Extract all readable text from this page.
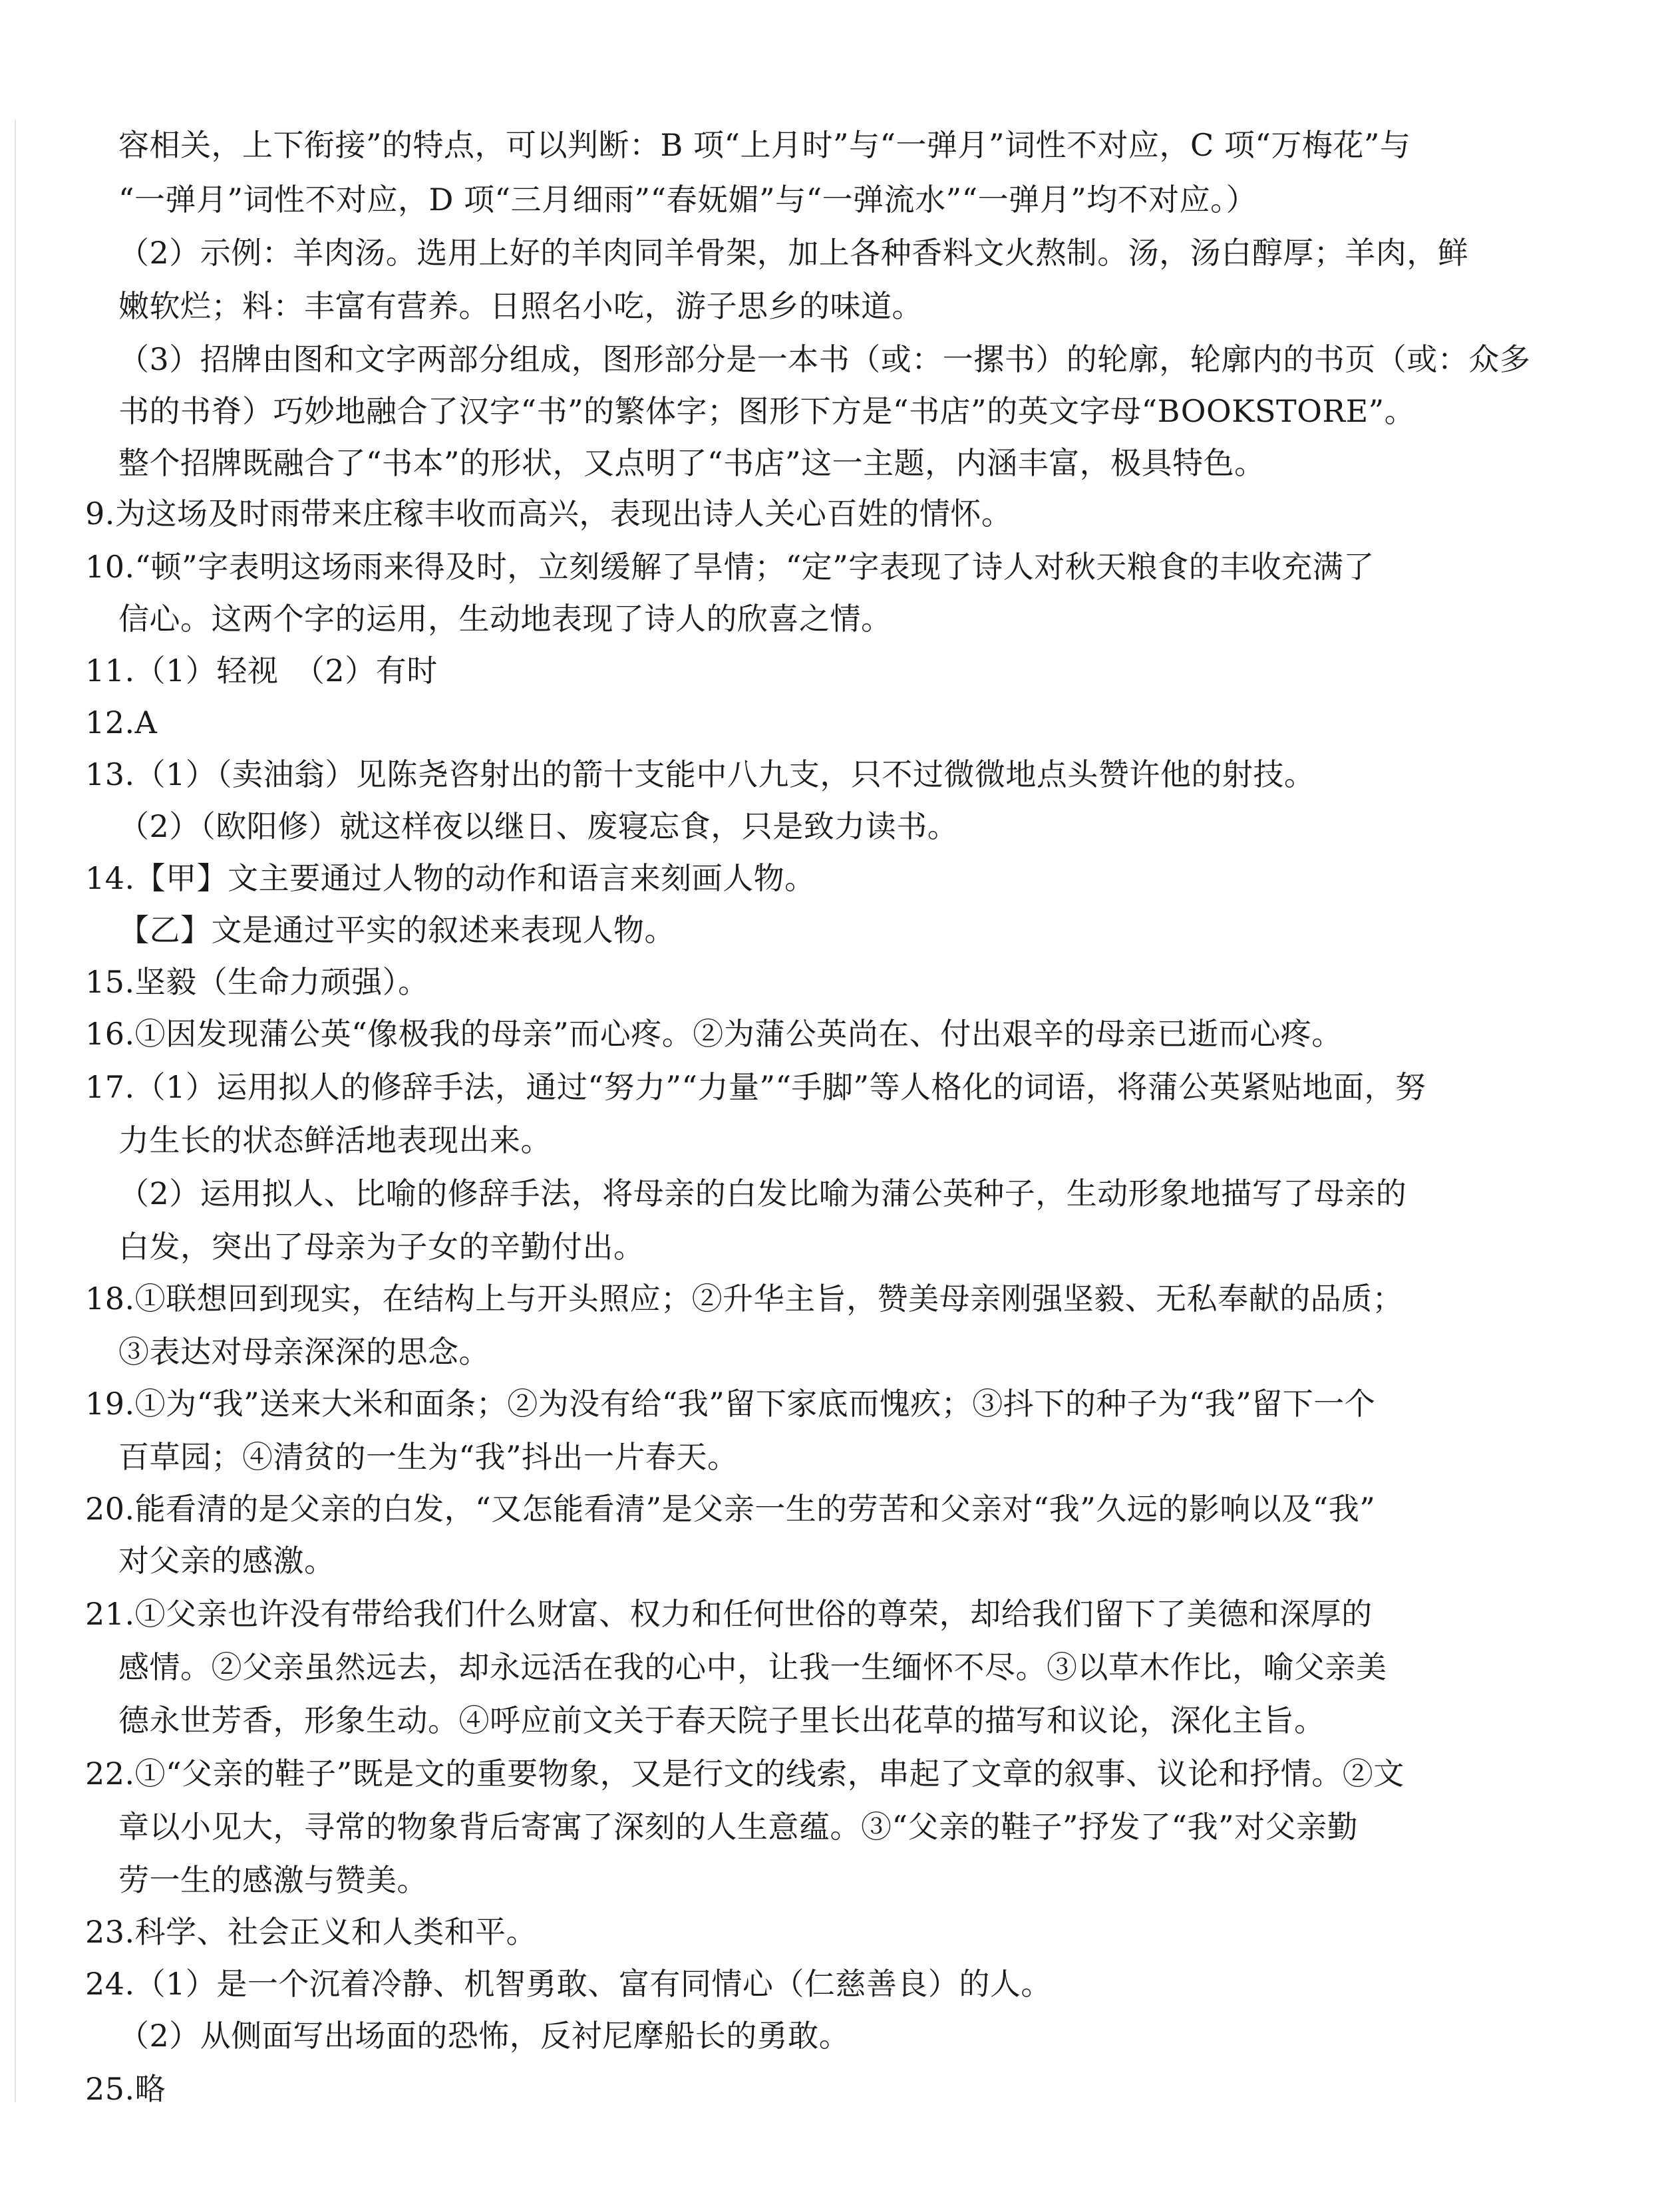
容相关，上下衔接”的特点，可以判断：B 项“上月时”与“一弹月”词性不对应，C 项“万梅花”与
“一弹月”词性不对应，D 项“三月细雨”“春妩媚”与“一弹流水”“一弹月”均不对应。）
（2）示例：羊肉汤。选用上好的羊肉同羊骨架，加上各种香料文火熬制。汤，汤白醇厚；羊肉，鲜
嫩软烂；料：丰富有营养。日照名小吃，游子思乡的味道。
（3）招牌由图和文字两部分组成，图形部分是一本书（或：一摞书）的轮廓，轮廓内的书页（或：众多
书的书脊）巧妙地融合了汉字“书”的繁体字；图形下方是“书店”的英文字母“BOOKSTORE”。
整个招牌既融合了“书本”的形状，又点明了“书店”这一主题，内涵丰富，极具特色。
9.为这场及时雨带来庄稼丰收而高兴，表现出诗人关心百姓的情怀。
10.“顿”字表明这场雨来得及时，立刻缓解了旱情；“定”字表现了诗人对秋天粮食的丰收充满了
信心。这两个字的运用，生动地表现了诗人的欣喜之情。
11.（1）轻视　（2）有时
12.A
13.（1）（卖油翁）见陈尧咨射出的箭十支能中八九支，只不过微微地点头赞许他的射技。
（2）（欧阳修）就这样夜以继日、废寝忘食，只是致力读书。
14.【甲】文主要通过人物的动作和语言来刻画人物。
【乙】文是通过平实的叙述来表现人物。
15.坚毅（生命力顽强）。
16.①因发现蒲公英“像极我的母亲”而心疼。②为蒲公英尚在、付出艰辛的母亲已逝而心疼。
17.（1）运用拟人的修辞手法，通过“努力”“力量”“手脚”等人格化的词语，将蒲公英紧贴地面，努
力生长的状态鲜活地表现出来。
（2）运用拟人、比喻的修辞手法，将母亲的白发比喻为蒲公英种子，生动形象地描写了母亲的
白发，突出了母亲为子女的辛勤付出。
18.①联想回到现实，在结构上与开头照应；②升华主旨，赞美母亲刚强坚毅、无私奉献的品质；
③表达对母亲深深的思念。
19.①为“我”送来大米和面条；②为没有给“我”留下家底而愧疚；③抖下的种子为“我”留下一个
百草园；④清贫的一生为“我”抖出一片春天。
20.能看清的是父亲的白发，“又怎能看清”是父亲一生的劳苦和父亲对“我”久远的影响以及“我”
对父亲的感激。
21.①父亲也许没有带给我们什么财富、权力和任何世俗的尊荣，却给我们留下了美德和深厚的
感情。②父亲虽然远去，却永远活在我的心中，让我一生缅怀不尽。③以草木作比，喻父亲美
德永世芳香，形象生动。④呼应前文关于春天院子里长出花草的描写和议论，深化主旨。
22.①“父亲的鞋子”既是文的重要物象，又是行文的线索，串起了文章的叙事、议论和抒情。②文
章以小见大，寻常的物象背后寄寓了深刻的人生意蕴。③“父亲的鞋子”抒发了“我”对父亲勤
劳一生的感激与赞美。
23.科学、社会正义和人类和平。
24.（1）是一个沉着冷静、机智勇敢、富有同情心（仁慈善良）的人。
（2）从侧面写出场面的恐怖，反衬尼摩船长的勇敢。
25.略
